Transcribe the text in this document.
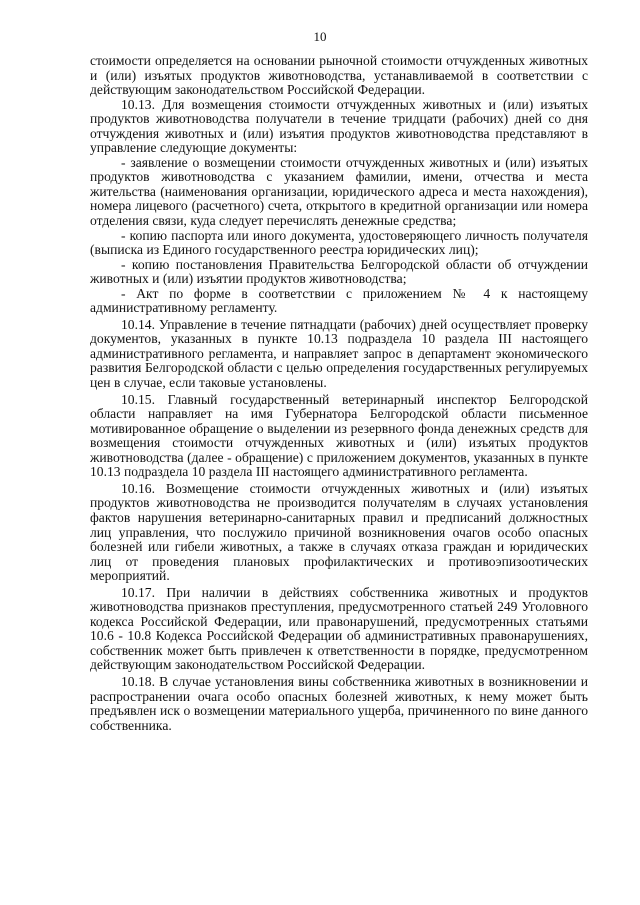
10

стоимости определяется на основании рыночной стоимости отчужденных животных и (или) изъятых продуктов животноводства, устанавливаемой в соответствии с действующим законодательством Российской Федерации.

10.13. Для возмещения стоимости отчужденных животных и (или) изъятых продуктов животноводства получатели в течение тридцати (рабочих) дней со дня отчуждения животных и (или) изъятия продуктов животноводства представляют в управление следующие документы:

- заявление о возмещении стоимости отчужденных животных и (или) изъятых продуктов животноводства с указанием фамилии, имени, отчества и места жительства (наименования организации, юридического адреса и места нахождения), номера лицевого (расчетного) счета, открытого в кредитной организации или номера отделения связи, куда следует перечислять денежные средства;

- копию паспорта или иного документа, удостоверяющего личность получателя (выписка из Единого государственного реестра юридических лиц);

- копию постановления Правительства Белгородской области об отчуждении животных и (или) изъятии продуктов животноводства;

- Акт по форме в соответствии с приложением № 4 к настоящему административному регламенту.

10.14. Управление в течение пятнадцати (рабочих) дней осуществляет проверку документов, указанных в пункте 10.13 подраздела 10 раздела III настоящего административного регламента, и направляет запрос в департамент экономического развития Белгородской области с целью определения государственных регулируемых цен в случае, если таковые установлены.

10.15. Главный государственный ветеринарный инспектор Белгородской области направляет на имя Губернатора Белгородской области письменное мотивированное обращение о выделении из резервного фонда денежных средств для возмещения стоимости отчужденных животных и (или) изъятых продуктов животноводства (далее - обращение) с приложением документов, указанных в пункте 10.13 подраздела 10 раздела III настоящего административного регламента.

10.16. Возмещение стоимости отчужденных животных и (или) изъятых продуктов животноводства не производится получателям в случаях установления фактов нарушения ветеринарно-санитарных правил и предписаний должностных лиц управления, что послужило причиной возникновения очагов особо опасных болезней или гибели животных, а также в случаях отказа граждан и юридических лиц от проведения плановых профилактических и противоэпизоотических мероприятий.

10.17. При наличии в действиях собственника животных и продуктов животноводства признаков преступления, предусмотренного статьей 249 Уголовного кодекса Российской Федерации, или правонарушений, предусмотренных статьями 10.6 - 10.8 Кодекса Российской Федерации об административных правонарушениях, собственник может быть привлечен к ответственности в порядке, предусмотренном действующим законодательством Российской Федерации.

10.18. В случае установления вины собственника животных в возникновении и распространении очага особо опасных болезней животных, к нему может быть предъявлен иск о возмещении материального ущерба, причиненного по вине данного собственника.
